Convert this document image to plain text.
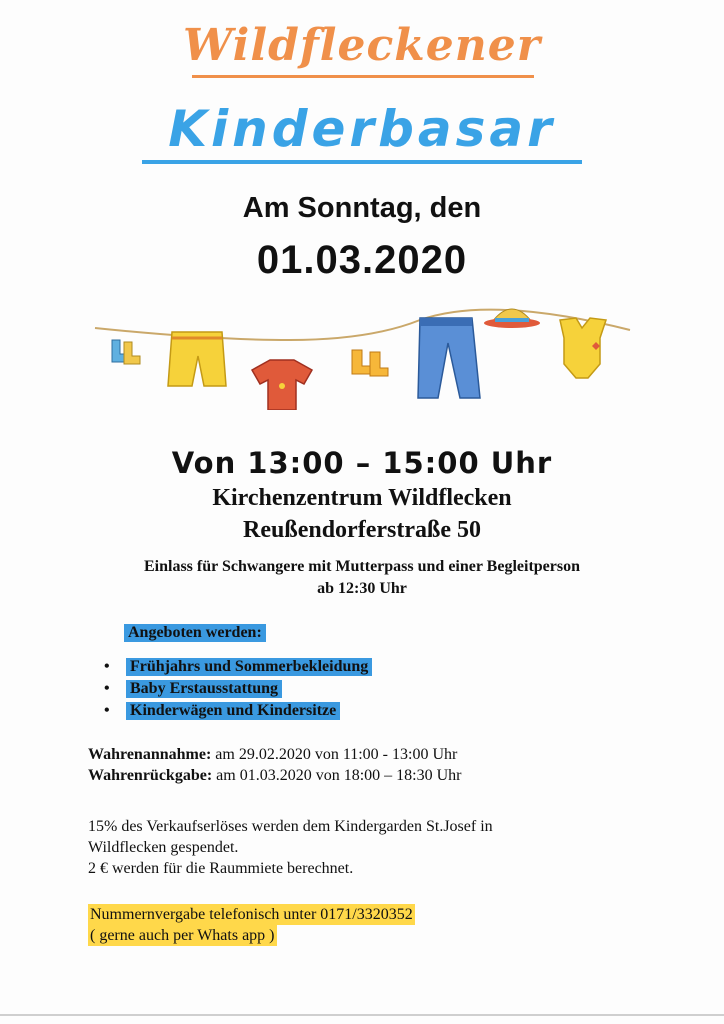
Wildfleckener
Kinderbasar
Am Sonntag, den
01.03.2020
Von 13:00 – 15:00 Uhr
Kirchenzentrum Wildflecken
Reußendorferstraße 50
Einlass für Schwangere mit Mutterpass und einer Begleitperson
ab 12:30 Uhr
Angeboten werden:
•	Frühjahrs und Sommerbekleidung
•	Baby Erstausstattung
•	Kinderwägen und Kindersitze
Wahrenannahme: am 29.02.2020 von 11:00 - 13:00 Uhr
Wahrenrückgabe: am 01.03.2020 von 18:00 – 18:30 Uhr
15% des Verkaufserlöses werden dem Kindergarden St.Josef in
Wildflecken gespendet.
2 € werden für die Raummiete berechnet.
Nummernvergabe telefonisch unter 0171/3320352
( gerne auch per Whats app )
